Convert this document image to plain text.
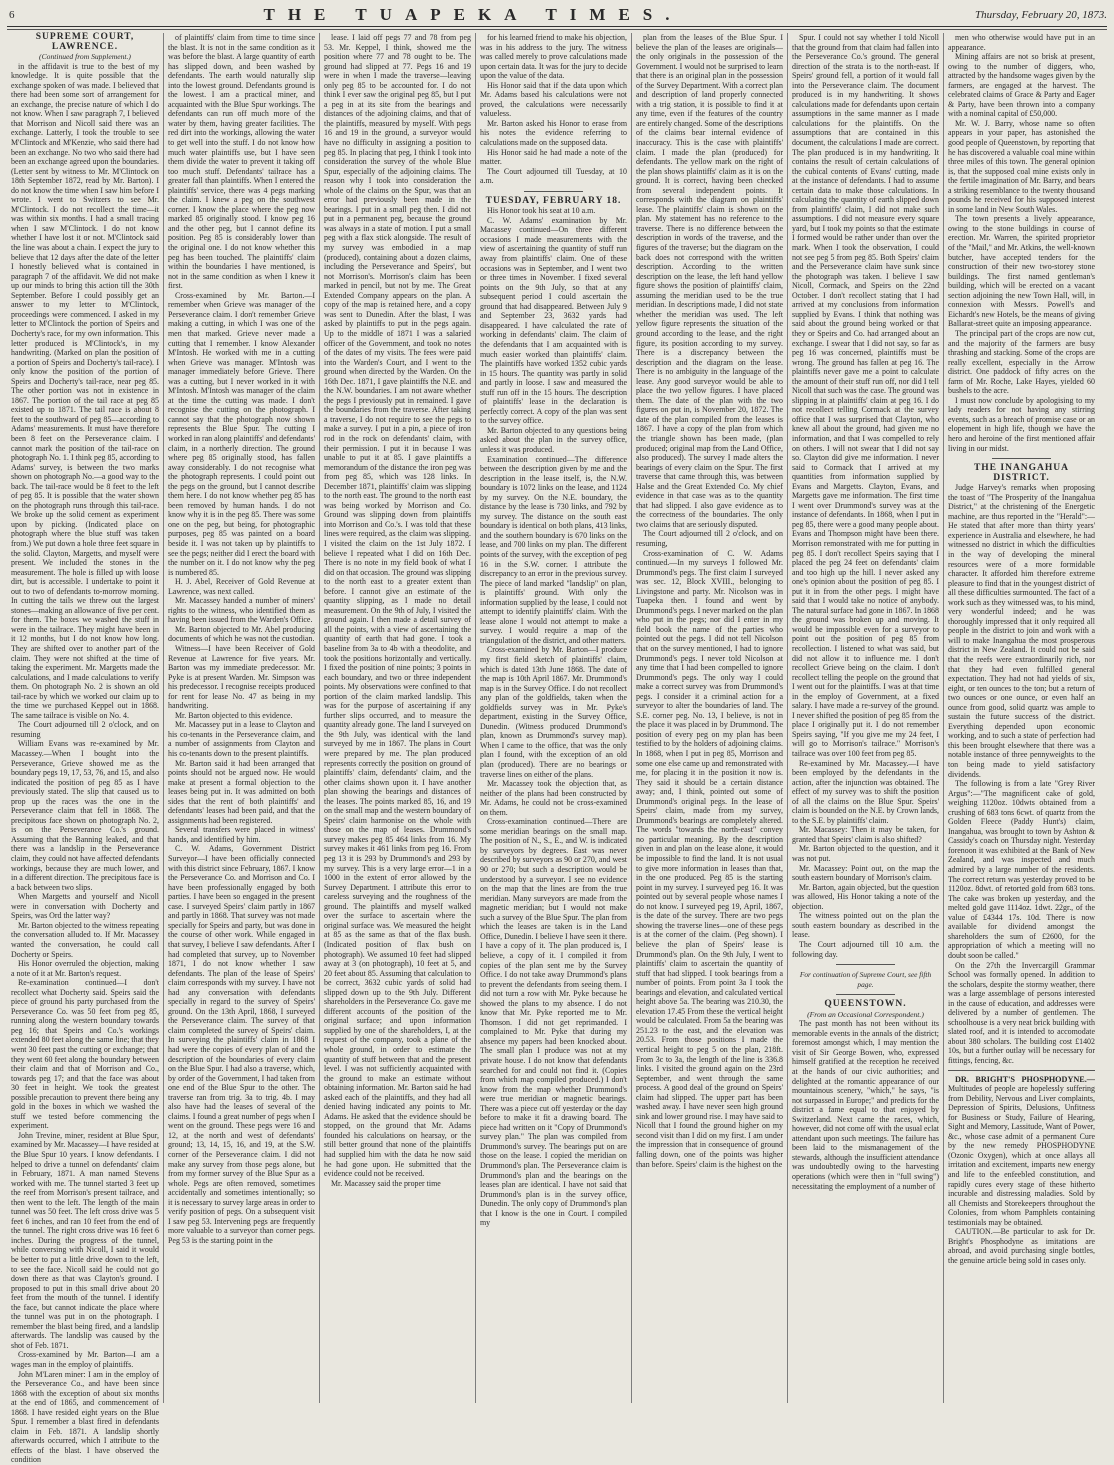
6	THE TUAPEKA TIMES.	Thursday, February 20, 1873.

SUPREME COURT, LAWRENCE.

(Continued from Supplement.)

in the affidavit is true to the best of my knowledge. It is quite possible that the exchange spoken of was made. I believed that there had been some sort of arrangement for an exchange, the precise nature of which I do not know. When I saw paragraph 7, I believed that Morrison and Nicoll said there was an exchange. Latterly, I took the trouble to see M'Clintock and M'Kenzie, who said there had been an exchange. No two who said there had been an exchange agreed upon the boundaries. (Letter sent by witness to Mr. M'Clintock on 18th September 1872, read by Mr. Barton). I do not know the time when I saw him before I wrote. I went to Switzers to see Mr. M'Clintock. I do not recollect the time—it was within six months. I had a small tracing when I saw M'Clintock. I do not know whether I have lost it or not. M'Clintock said the line was about a chain. I expect the jury to believe that 12 days after the date of the letter I honestly believed what is contained in paragraph 7 of the affidavit. We did not make up our minds to bring this action till the 30th September. Before I could possibly get an answer to my letter to M'Clintock, proceedings were commenced. I asked in my letter to M'Clintock the portion of Speirs and Docherty's race, for my own information. This letter produced is M'Clintock's, in my handwriting. (Marked on plan the position of a portion of Speirs and Docherty's tail-race). I only know the position of the portion of Speirs and Docherty's tail-race, near peg 85. The other portion was not in existence in 1867. The portion of the tail race at peg 85 existed up to 1871. The tail race is about 8 feet to the southward of peg 85—according to Adams' measurements. It must have therefore been 8 feet on the Perseverance claim. I cannot mark the position of the tail-race on photograph No. 1. I think peg 85, according to Adams' survey, is between the two marks shown on photograph No.—a good way to the back. The tail-race would be 8 feet to the left of peg 85. It is possible that the water shown on the photograph runs through this tail-race. We broke up the solid cement as experiment upon by picking. (Indicated place on photograph where the blue stuff was taken from.) We put down a hole three feet square in the solid. Clayton, Margetts, and myself were present. We included the stones in the measurement. The hole is filled up with loose dirt, but is accessible. I undertake to point it out to two of defendants to-morrow morning. In cutting the tails we threw out the largest stones—making an allowance of five per cent. for them. The boxes we washed the stuff in were in the tailrace. They might have been in it 12 months, but I do not know how long. They are shifted over to another part of the claim. They were not shifted at the time of taking the experiment. Mr. Margetts made the calculations, and I made calculations to verify them. On photograph No. 2 is shown an old tail-race by which we worked our claim up to the time we purchased Keppel out in 1868. The same tailrace is visible on No. 4.

The Court adjourned till 2 o'clock, and on resuming

William Evans was re-examined by Mr. Macassey.—When I bought into the Perseverance, Grieve showed me as the boundary pegs 19, 17, 53, 76, and 15, and also indicated the position of peg 85 as I have previously stated. The slip that caused us to prop up the races was the one in the Perseverance claim that fell in 1868. The precipitous face shown on photograph No. 2, is on the Perseverance Co.'s ground. Assuming that the Banning leaked, and that there was a landslip in the Perseverance claim, they could not have affected defendants workings, because they are much lower, and in a different direction. The precipitous face is a back between two slips.

When Margetts and yourself and Nicoll were in conversation with Docherty and Speirs, was Ord the latter way?

Mr. Barton objected to the witness repeating the conversation alluded to. If Mr. Macassey wanted the conversation, he could call Docherty or Speirs.

His Honor overruled the objection, making a note of it at Mr. Barton's request.

Re-examination continued—I don't recollect what Docherty said. Speirs said the piece of ground his party purchased from the Perseverance Co. was 50 feet from peg 85, running along the western boundary towards peg 16; that Speirs and Co.'s workings extended 80 feet along the same line; that they went 30 feet past the cutting or exchange; that they went 60 feet along the boundary between their claim and that of Morrison and Co., towards peg 17; and that the face was about 30 feet in height. We took the greatest possible precaution to prevent there being any gold in the boxes in which we washed the stuff we tested before commencing the experiment.

John Trevine, miner, resident at Blue Spur, examined by Mr. Macassey—I have resided at the Blue Spur 10 years. I know defendants. I helped to drive a tunnel on defendants' claim in February, 1871. A man named Stevens worked with me. The tunnel started 3 feet up the reef from Morrison's present tailrace, and then went to the left. The length of the main tunnel was 50 feet. The left cross drive was 5 feet 6 inches, and ran 10 feet from the end of the tunnel. The right cross drive was 16 feet 6 inches. During the progress of the tunnel, while conversing with Nicoll, I said it would be better to put a little drive down to the left, to see the face. Nicoll said he could not go down there as that was Clayton's ground. I proposed to put in this small drive about 20 feet from the mouth of the tunnel. I identify the face, but cannot indicate the place where the tunnel was put in on the photograph. I remember the blast being fired, and a landslip afterwards. The landslip was caused by the shot of Feb. 1871.

Cross-examined by Mr. Barton—I am a wages man in the employ of plaintiffs.

John M'Laren miner: I am in the employ of the Perseverance Co., and have been since 1868 with the exception of about six months at the end of 1865, and commencement of 1868. I have resided eight years on the Blue Spur. I remember a blast fired in defendants claim in Feb. 1871. A landslip shortly afterwards occurred, which I attribute to the effects of the blast. I have observed the condition

of plaintiffs' claim from time to time since the blast. It is not in the same condition as it was before the blast. A large quantity of earth has slipped down, and been washed by defendants. The earth would naturally slip into the lowest ground. Defendants ground is the lowest. I am a practical miner, and acquainted with the Blue Spur workings. The defendants can run off much more of the water by them, having greater facilities. The red dirt into the workings, allowing the water to get well into the stuff. I do not know how much water plaintiffs use, but I have seen them divide the water to prevent it taking off too much stuff. Defendants' tailrace has a greater fall than plaintiffs. When I entered the plaintiffs' service, there was 4 pegs marking the claim. I knew a peg on the southwest corner. I know the place where the peg now marked 85 originally stood. I know peg 16 and the other peg, but I cannot define its position. Peg 85 is considerably lower than the original one. I do not know whether this peg has been touched. The plaintiffs' claim within the boundaries I have mentioned, is not in the same condition as when I knew it first.

Cross-examined by Mr. Barton.—I remember when Grieve was manager of the Perseverance claim. I don't remember Grieve making a cutting, in which I was one of the men that marked. Grieve never made a cutting that I remember. I know Alexander M'Intosh. He worked with me in a cutting when Grieve was manager. M'Intosh was manager immediately before Grieve. There was a cutting, but I never worked in it with M'Intosh. M'Intosh was manager of the claim at the time the cutting was made. I don't recognise the cutting on the photograph. I cannot say that the photograph now shown represents the Blue Spur. The cutting I worked in ran along plaintiffs' and defendants' claim, in a northerly direction. The ground where peg 85 originally stood, has fallen away considerably. I do not recognise what the photograph represents. I could point out the pegs on the ground, but I cannot describe them here. I do not know whether peg 85 has been removed by human hands. I do not know why it is in the peg 85. There was some one on the peg, but being, for photographic purposes, peg 85 was painted on a board beside it. I was not taken up by plaintiffs to see the pegs; neither did I erect the board with the number on it. I do not know why the peg is numbered 85.

H. J. Abel, Receiver of Gold Revenue at Lawrence, was next called.

Mr. Macassey handed a number of miners' rights to the witness, who identified them as having been issued from the Warden's Office.

Mr. Barton objected to Mr. Abel producing documents of which he was not the custodian.

Witness—I have been Receiver of Gold Revenue at Lawrence for five years. Mr. Barton was my immediate predecessor. Mr. Pyke is at present Warden. Mr. Simpson was his predecessor. I recognise receipts produced for rent for lease No. 47 as being in my handwriting.

Mr. Barton objected to this evidence.

Mr. Macassey put in a lease to Clayton and his co-tenants in the Perseverance claim, and a number of assignments from Clayton and his co-tenants down to the present plaintiffs.

Mr. Barton said it had been arranged that points should not be argued now. He would make at present a formal objection to the leases being put in. It was admitted on both sides that the rent of both plaintiffs' and defendants' leases had been paid, and that the assignments had been registered.

Several transfers were placed in witness' hands, and identified by him.

C. W. Adams, Government District Surveyor—I have been officially connected with this district since February, 1867. I know the Perseverance Co. and Morrison and Co. I have been professionally engaged by both parties. I have been so engaged in the present case. I surveyed Speirs' claim partly in 1867 and partly in 1868. That survey was not made specially for Speirs and party, but was done in the course of other work. While engaged in that survey, I believe I saw defendants. After I had completed that survey, up to November 1871, I do not know whether I saw defendants. The plan of the lease of Speirs' claim corresponds with my survey. I have not had any conversation with defendants specially in regard to the survey of Speirs' ground. On the 13th April, 1868, I surveyed the Perseverance claim. The survey of that claim completed the survey of Speirs' claim. In surveying the plaintiffs' claim in 1868 I had were the copies of every plan of and the description of the boundaries of every claim on the Blue Spur. I had also a traverse, which, by order of the Government, I had taken from one end of the Blue Spur to the other. The traverse ran from trig. 3a to trig. 4b. I may also have had the leases of several of the claims. I found a great number of pegs when I went on the ground. These pegs were 16 and 12, at the north and west of defendants' ground; 13, 14, 15, 16, and 19, at the S.W. corner of the Perseverance claim. I did not make any survey from those pegs alone, but from my former survey of the Blue Spur as a whole. Pegs are often removed, sometimes accidentally and sometimes intentionally; so it is necessary to survey large areas in order to verify position of pegs. On a subsequent visit I saw peg 53. Intervening pegs are frequently more valuable to a surveyor than corner pegs. Peg 53 is the starting point in the

lease. I laid off pegs 77 and 78 from peg 53. Mr. Keppel, I think, showed me the position where 77 and 78 ought to be. The ground had slipped at 77. Pegs 16 and 19 were in when I made the traverse—leaving only peg 85 to be accounted for. I do not think I ever saw the original peg 85, but I put a peg in at its site from the bearings and distances of the adjoining claims, and that of the plaintiffs, measured by myself. With pegs 16 and 19 in the ground, a surveyor would have no difficulty in assigning a position to peg 85. In placing that peg, I think I took into consideration the survey of the whole Blue Spur, especially of the adjoining claims. The reason why I took into consideration the whole of the claims on the Spur, was that an error had previously been made in the bearings. I put in a small peg then. I did not put in a permanent peg, because the ground was always in a state of motion. I put a small peg with a flax stick alongside. The result of my survey was embodied in a map (produced), containing about a dozen claims, including the Perseverance and Speirs', but not Morrison's. Morrison's claim has been marked in pencil, but not by me. The Great Extended Company appears on the plan. A copy of the map is retained here, and a copy was sent to Dunedin. After the blast, I was asked by plaintiffs to put in the pegs again. Up to the middle of 1871 I was a salaried officer of the Government, and took no notes of the dates of my visits. The fees were paid into the Warden's Court, and I went to the ground when directed by the Warden. On the 16th Dec. 1871, I gave plaintiffs the N.E. and the N.W. boundaries. I am not aware whether the pegs I previously put in remained. I gave the boundaries from the traverse. After taking a traverse, I do not require to see the pegs to make a survey. I put in a pin, a piece of iron rod in the rock on defendants' claim, with their permission. I put it in because I was unable to put it at 85. I gave plaintiffs a memorandum of the distance the iron peg was from peg 85, which was 128 links. In December 1871, plaintiffs' claim was slipping to the north east. The ground to the north east was being worked by Morrison and Co. Ground was slipping down from plaintiffs into Morrison and Co.'s. I was told that these lines were required, as the claim was slipping. I visited the claim on the 1st July 1872. I believe I repeated what I did on 16th Dec. There is no note in my field book of what I did on that occasion. The ground was slipping to the north east to a greater extent than before. I cannot give an estimate of the quantity slipping, as I made no detail measurement. On the 9th of July, I visited the ground again. I then made a detail survey of all the points, with a view of ascertaining the quantity of earth that had gone. I took a baseline from 3a to 4b with a theodolite, and took the positions horizontally and vertically. I fixed the position of nine points; 3 points in each boundary, and two or three independent points. My observations were confined to that portion of the claim marked landslip. This was for the purpose of ascertaining if any further slips occurred, and to measure the quantity already gone. The land I surveyed on the 9th July, was identical with the land surveyed by me in 1867. The plans in Court were prepared by me. The plan produced represents correctly the position on ground of plaintiffs' claim, defendants' claim, and the other claims shown upon it. I have another plan showing the bearings and distances of the leases. The points marked 85, 16, and 19 on the small map and the western boundary of Speirs' claim harmonise on the whole with those on the map of leases. Drummond's survey makes peg 85 464 links from 16. My survey makes it 461 links from peg 16. From peg 13 it is 293 by Drummond's and 293 by my survey. This is a very large error—1 in a 1000 in the extent of error allowed by the Survey Department. I attribute this error to careless surveying and the roughness of the ground. The plaintiffs and myself walked over the surface to ascertain where the original surface was. We measured the height at 85 as the same as that of the flax bush. (Indicated position of flax bush on photograph). We assumed 10 feet had slipped away at 3 (on photograph), 10 feet at 5, and 20 feet about 85. Assuming that calculation to be correct, 3632 cubic yards of solid had slipped down up to the 9th July. Different shareholders in the Perseverance Co. gave me different accounts of the position of the original surface; and upon information supplied by one of the shareholders, I, at the request of the company, took a plane of the whole ground, in order to estimate the quantity of stuff between that and the present level. I was not sufficiently acquainted with the ground to make an estimate without obtaining information. Mr. Barton said he had asked each of the plaintiffs, and they had all denied having indicated any points to Mr. Adams. He asked that the evidence should be stopped, on the ground that Mr. Adams founded his calculations on hearsay, or the still better ground that none of the plaintiffs had supplied him with the data he now said he had gone upon. He submitted that the evidence could not be received.

Mr. Macassey said the proper time

for his learned friend to make his objection, was in his address to the jury. The witness was called merely to prove calculations made upon certain data. It was for the jury to decide upon the value of the data.

His Honor said that if the data upon which Mr. Adams based his calculations were not proved, the calculations were necessarily valueless.

Mr. Barton asked his Honor to erase from his notes the evidence referring to calculations made on the supposed data.

His Honor said he had made a note of the matter.

The Court adjourned till Tuesday, at 10 a.m.

TUESDAY, FEBRUARY 18.

His Honor took his seat at 10 a.m.

C. W. Adams' examination by Mr. Macassey continued—On three different occasions I made measurements with the view of ascertaining the quantity of stuff run away from plaintiffs' claim. One of these occasions was in September, and I went two or three times in November. I fixed several points on the 9th July, so that at any subsequent period I could ascertain the ground that had disappeared. Between July 9 and September 23, 3632 yards had disappeared. I have calculated the rate of working in defendants' claim. The claim of the defendants that I am acquainted with is much easier worked than plaintiffs' claim. The plaintiffs have worked 1352 cubic yards in 15 hours. The quantity was partly in solid and partly in loose. I saw and measured the stuff run off in the 15 hours. The description of plaintiffs' lease in the declaration is perfectly correct. A copy of the plan was sent to the survey office.

Mr. Barton objected to any questions being asked about the plan in the survey office, unless it was produced.

Examination continued—The difference between the description given by me and the description in the lease itself, is, the N.W. boundary is 1072 links on the lease, and 1124 by my survey. On the N.E. boundary, the distance by the lease is 730 links, and 792 by my survey. The distance on the south east boundary is identical on both plans, 413 links, and the southern boundary is 670 links on the lease, and 700 links on my plan. The different points of the survey, with the exception of peg 16 in the S.W. corner. I attribute the discrepancy to an error in the previous survey. The piece of land marked "landslip" on plan, is plaintiffs' ground. With only the information supplied by the lease, I could not attempt to identify plaintiffs' claim. With the lease alone I would not attempt to make a survey. I would require a map of the triangulation of the district, and other matters.

Cross-examined by Mr. Barton—I produce my first field sketch of plaintiffs' claim, which is dated 13th June 1868. The date of the map is 10th April 1867. Mr. Drummond's map is in the Survey Office. I do not recollect any plan of the goldfields, taken when the goldfields survey was in Mr. Pyke's department, existing in the Survey Office, Dunedin. (Witness produced Drummond's plan, known as Drummond's survey map). When I came to the office, that was the only plan I found, with the exception of an old plan (produced). There are no bearings or traverse lines on either of the plans.

Mr. Macassey took the objection that, as neither of the plans had been constructed by Mr. Adams, he could not be cross-examined on them.

Cross-examination continued—There are some meridian bearings on the small map. The position of N., S., E., and W. is indicated by surveyors by degrees. East was never described by surveyors as 90 or 270, and west 90 or 270; but such a description would be understood by a surveyor. I see no evidence on the map that the lines are from the true meridian. Many surveyors are made from the magnetic meridian; but I would not make such a survey of the Blue Spur. The plan from which the leases are taken is in the Land Office, Dunedin. I believe I have seen it there. I have a copy of it. The plan produced is, I believe, a copy of it. I compiled it from copies of the plan sent me by the Survey Office. I do not take away Drummond's plans to prevent the defendants from seeing them. I did not turn a row with Mr. Pyke because he showed the plans to my absence. I do not know that Mr. Pyke reported me to Mr. Thomson. I did not get reprimanded. I complained to Mr. Pyke that during my absence my papers had been knocked about. The small plan I produce was not at my private house. I do not know that defendants searched for and could not find it. (Copies from which map compiled produced.) I don't know from the map whether Drummond's were true meridian or magnetic bearings. There was a piece cut off yesterday or the day before to make it fit a drawing board. The piece had written on it "Copy of Drummond's survey plan." The plan was compiled from Drummond's survey. The bearings put on are those on the lease. I copied the meridian on Drummond's plan. The Perseverance claim is Drummond's plan and the bearings on the leases plan are identical. I have not said that Drummond's plan is in the survey office, Dunedin. The only copy of Drummond's plan that I know is the one in Court. I compiled my

plan from the leases of the Blue Spur. I believe the plan of the leases are originals—the only originals in the possession of the Government. I would not be surprised to learn that there is an original plan in the possession of the Survey Department. With a correct plan and description of land properly connected with a trig station, it is possible to find it at any time, even if the features of the country are entirely changed. Some of the descriptions of the claims bear internal evidence of inaccuracy. This is the case with plaintiffs' claim. I made the plan (produced) for defendants. The yellow mark on the right of the plan shows plaintiffs' claim as it is on the ground. It is correct, having been checked from several independent points. It corresponds with the diagram on plaintiffs' lease. The plaintiffs' claim is shown on the plan. My statement has no reference to the traverse. There is no difference between the description in words of the traverse, and the figures of the traverse; but the diagram on the back does not correspond with the written description. According to the written description on the lease, the left hand yellow figure shows the position of plaintiffs' claim, assuming the meridian used to be the true meridian. In descriptions made, I did not state whether the meridian was used. The left yellow figure represents the situation of the ground according to the lease, and the right figure, its position according to my survey. There is a discrepancy between the description and the diagram on the lease. There is no ambiguity in the language of the lease. Any good surveyor would be able to place the two yellow figures. I have placed them. The date of the plan with the two figures on put in, is November 20, 1872. The date of the plan compiled from the leases is 1867. I have a copy of the plan from which the triangle shown has been made, (plan produced; original map from the Land Office, also produced). The survey I made alters the bearings of every claim on the Spur. The first traverse that came through this, was between Halse and the Great Extended Co. My chief evidence in that case was as to the quantity that had slipped. I also gave evidence as to the correctness of the boundaries. The only two claims that are seriously disputed.

The Court adjourned till 2 o'clock, and on resuming,

Cross-examination of C. W. Adams continued.—In my surveys I followed Mr. Drummond's pegs. The first claim I surveyed was sec. 12, Block XVIII., belonging to Livingstone and party. Mr. Nicolson was in Tuapeka then. I found and went by Drummond's pegs. I never marked on the plan who put in the pegs; nor did I enter in my field book the name of the parties who pointed out the pegs. I did not tell Nicolson that on the survey mentioned, I had to ignore Drummond's pegs. I never told Nicolson at any time that I had been compelled to ignore Drummond's pegs. The only way I could make a correct survey was from Drummond's pegs. I consider it a criminal action for a surveyor to alter the boundaries of land. The S.E. corner peg. No. 13, I believe, is not in the place it was placed in by Drummond. The position of every peg on my plan has been testified to by the holders of adjoining claims. In 1868, when I put in peg 85, Morrison and some one else came up and remonstrated with me, for placing it in the position it now is. They said it should be a certain distance away; and, I think, pointed out some of Drummond's original pegs. In the lease of Speirs' claim, made from my survey, Drummond's bearings are completely altered. The words "towards the north-east" convey no particular meaning. By the description given in and plan on the lease alone, it would be impossible to find the land. It is not usual to give more information in leases than that, in the one produced. Peg 85 is the starting point in my survey. I surveyed peg 16. It was pointed out by several people whose names I do not know. I surveyed peg 19, April, 1867, is the date of the survey. There are two pegs showing the traverse lines—one of these pegs is at the corner of the claim. (Peg shown). I believe the plan of Speirs' lease is Drummond's plan. On the 9th July, I went to plaintiffs' claim to ascertain the quantity of stuff that had slipped. I took bearings from a number of points. From point 3a I took the bearings and elevation, and calculated vertical height above 5a. The bearing was 210.30, the elevation 17.45 From these the vertical height would be calculated. From 5a the bearing was 251.23 to the east, and the elevation was 20.53. From those positions I made the vertical height to peg 5 on the plan, 218ft. From 3c to 3a, the length of the line is 336.8 links. I visited the ground again on the 23rd September, and went through the same process. A good deal of the ground on Speirs' claim had slipped. The upper part has been washed away. I have never seen high ground sink and lower ground rise. I may have said to Nicoll that I found the ground higher on my second visit than I did on my first. I am under the impression that in consequence of ground falling down, one of the points was higher than before. Speirs' claim is the highest on the

Spur. I could not say whether I told Nicoll that the ground from that claim had fallen into the Perseverance Co.'s ground. The general direction of the strata is to the north-east. If Speirs' ground fell, a portion of it would fall into the Perseverance claim. The document produced is in my handwriting. It shows calculations made for defendants upon certain assumptions in the same manner as I made calculations for the plaintiffs. On the assumptions that are contained in this document, the calculations I made are correct. The plan produced is in my handwriting. It contains the result of certain calculations of the cubical contents of Evans' cutting, made at the instance of defendants. I had to assume certain data to make those calculations. In calculating the quantity of earth slipped down from plaintiffs' claim, I did not make such assumptions. I did not measure every square yard, but I took my points so that the estimate I formed would be rather under than over the mark. When I took the observation, I could not see peg 5 from peg 85. Both Speirs' claim and the Perseverance claim have sunk since the photograph was taken. I believe I saw Nicoll, Cormack, and Speirs on the 22nd October. I don't recollect stating that I had arrived at my conclusions from information supplied by Evans. I think that nothing was said about the ground being worked or that they or Speirs and Co. had arranged about an exchange. I swear that I did not say, so far as peg 16 was concerned, plaintiffs must be wrong. The ground has fallen at peg 16. The plaintiffs never gave me a point to calculate the amount of their stuff run off, nor did I tell Nicoll that such was the case. The ground was slipping in at plaintiffs' claim at peg 16. I do not recollect telling Cormack at the survey office that I was surprised that Clayton, who knew all about the ground, had given me no information, and that I was compelled to rely on others. I will not swear that I did not say so. Clayton did give me information. I never said to Cormack that I arrived at my quantities from information supplied by Evans and Margetts. Clayton, Evans, and Margetts gave me information. The first time I went over Drummond's survey was at the instance of defendants. In 1868, when I put in peg 85, there were a good many people about. Evans and Thompson might have been there. Morrison remonstrated with me for putting in peg 85. I don't recollect Speirs saying that I placed the peg 24 feet on defendants' claim and too high up the hill. I never asked any one's opinion about the position of peg 85. I put it in from the other pegs. I might have said that I would take no notice of anybody. The natural surface had gone in 1867. In 1868 the ground was broken up and moving. It would be impossible even for a surveyor to point out the position of peg 85 from recollection. I listened to what was said, but did not allow it to influence me. I don't recollect Grieve being on the claim. I don't recollect telling the people on the ground that I went out for the plaintiffs. I was at that time in the employ of Government, at a fixed salary. I have made a re-survey of the ground. I never shifted the position of peg 85 from the place I originally put it. I do not remember Speirs saying, "If you give me my 24 feet, I will go to Morrison's tailrace." Morrison's tailrace was over 100 feet from peg 85.

Re-examined by Mr. Macassey.—I have been employed by the defendants in the action, after the injunction was obtained. The effect of my survey was to shift the position of all the claims on the Blue Spur. Speirs' claim is bounded on the N.E. by Crown lands, to the S.E. by plaintiffs' claim.

Mr. Macassey: Then it may be taken, for granted that Speirs' claim is also shifted?

Mr. Barton objected to the question, and it was not put.

Mr. Macassey: Point out, on the map the south eastern boundary of Morrison's claim.

Mr. Barton, again objected, but the question was allowed, His Honor taking a note of the objection.

The witness pointed out on the plan the south eastern boundary as described in the lease.

The Court adjourned till 10 a.m. the following day.

For continuation of Supreme Court, see fifth page.

QUEENSTOWN.

(From an Occasional Correspondent.)

The past month has not been without its memorable events in the annals of the district; foremost amongst which, I may mention the visit of Sir George Bowen, who, expressed himself gratified at the reception he received at the hands of our civic authorities; and delighted at the romantic appearance of our mountainous scenery, "which," he says, "is not surpassed in Europe;" and predicts for the district a fame equal to that enjoyed by Switzerland. Next came the races, which, however, did not come off with the usual eclat attendant upon such meetings. The failure has been laid to the mismanagement of the stewards, although the insufficient attendance was undoubtedly owing to the harvesting operations (which were then in "full swing") necessitating the employment of a number of

men who otherwise would have put in an appearance.

Mining affairs are not so brisk at present, owing to the number of diggers, who, attracted by the handsome wages given by the farmers, are engaged at the harvest. The celebrated claims of Grace & Party and Eager & Party, have been thrown into a company with a nominal capital of £50,000.

Mr. W. J. Barry, whose name so often appears in your paper, has astonished the good people of Queenstown, by reporting that he has discovered a valuable coal mine within three miles of this town. The general opinion is, that the supposed coal mine exists only in the fertile imagination of Mr. Barry, and bears a striking resemblance to the twenty thousand pounds he received for his supposed interest in some land in New South Wales.

The town presents a lively appearance, owing to the stone buildings in course of erection. Mr. Warren, the spirited proprietor of the "Mail," and Mr. Atkins, the well-known butcher, have accepted tenders for the construction of their new two-storey stone buildings. The first named gentleman's building, which will be erected on a vacant section adjoining the new Town Hall, will, in connexion with Messrs. Powell's and Eichardt's new Hotels, be the means of giving Ballarat-street quite an imposing appearance.

The principal part of the crops are now cut, and the majority of the farmers are busy thrashing and stacking. Some of the crops are really excellent, especially in the Arrow district. One paddock of fifty acres on the farm of Mr. Roche, Lake Hayes, yielded 60 bushels to the acre.

I must now conclude by apologising to my lady readers for not having any stirring events, such as a breach of promise case or an elopement in high life, though we have the hero and heroine of the first mentioned affair living in our midst.

THE INANGAHUA DISTRICT.

Judge Harvey's remarks when proposing the toast of "The Prosperity of the Inangahua District," at the christening of the Energetic machine, are thus reported in the "Herald":—He stated that after more than thirty years' experience in Australia and elsewhere, he had witnessed no district in which the difficulties in the way of developing the mineral resources were of a more formidable character. It afforded him therefore extreme pleasure to find that in the youngest district of all these difficulties surmounted. The fact of a work such as they witnessed was, to his mind, very wonderful indeed; and he was thoroughly impressed that it only required all people in the district to join and work with a will to make Inangahua the most prosperous district in New Zealand. It could not be said that the reefs were extraordinarily rich, nor that they had even fulfilled general expectation. They had not had yields of six, eight, or ten ounces to the ton; but a return of two ounces or one ounce, or even half an ounce from good, solid quartz was ample to sustain the future success of the district. Everything depended upon economic working, and to such a state of perfection had this been brought elsewhere that there was a notable instance of three pennyweights to the ton being made to yield satisfactory dividends.

The following is from a late "Grey River Argus":—"The magnificent cake of gold, weighing 1120oz. 10dwts obtained from a crushing of 683 tons 6cwt. of quartz from the Golden Fleece (Paddy Hunt's) claim, Inangahua, was brought to town by Ashton & Cassidy's coach on Thursday night. Yesterday forenoon it was exhibited at the Bank of New Zealand, and was inspected and much admired by a large number of the residents. The correct return was yesterday proved to be 1120oz. 8dwt. of retorted gold from 683 tons. The cake was broken up yesterday, and the melted gold gave 1114oz. 1dwt. 22gr., of the value of £4344 17s. 10d. There is now available for dividend amongst the shareholders the sum of £2600, for the appropriation of which a meeting will no doubt soon be called."

On the 27th the Invercargill Grammar School was formally opened. In addition to the scholars, despite the stormy weather, there was a large assemblage of persons interested in the cause of education, and addresses were delivered by a number of gentlemen. The schoolhouse is a very neat brick building with slated roof, and it is intended to accomodate about 380 scholars. The building cost £1402 10s, but a further outlay will be necessary for fittings, fencing, &c.

DR. BRIGHT'S PHOSPHODYNE.— Multitudes of people are hopelessly suffering from Debility, Nervous and Liver complaints, Depression of Spirits, Delusions, Unfitness for Business or Study, Failure of Hearing, Sight and Memory, Lassitude, Want of Power, &c., whose case admit of a permanent Cure by the new remedy PHOSPHODYNE (Ozonic Oxygen), which at once allays all irritation and excitement, imparts new energy and life to the enfeebled constitution, and rapidly cures every stage of these hitherto incurable and distressing maladies. Sold by all Chemists and Storekeepers throughout the Colonies, from whom Pamphlets containing testimonials may be obtained.

CAUTION.—Be particular to ask for Dr. Bright's Phosphodyne as imitations are abroad, and avoid purchasing single bottles, the genuine article being sold in cases only.
